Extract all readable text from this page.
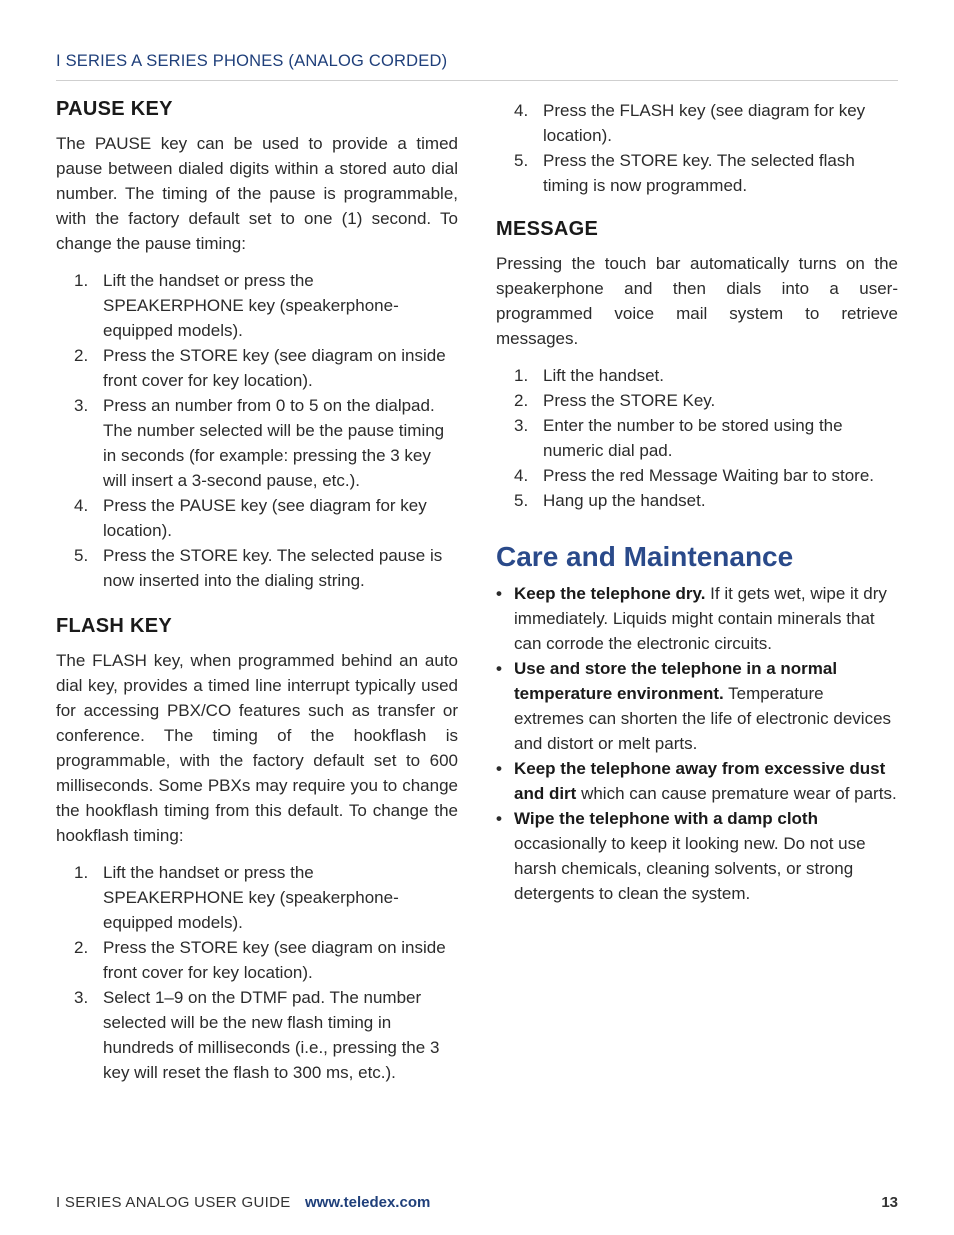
I SERIES A SERIES PHONES (ANALOG CORDED)
PAUSE KEY

The PAUSE key can be used to provide a timed pause between dialed digits within a stored auto dial number. The timing of the pause is programmable, with the factory default set to one (1) second. To change the pause timing:

1. Lift the handset or press the SPEAKERPHONE key (speakerphone-equipped models).
2. Press the STORE key (see diagram on inside front cover for key location).
3. Press an number from 0 to 5 on the dialpad. The number selected will be the pause timing in seconds (for example: pressing the 3 key will insert a 3-second pause, etc.).
4. Press the PAUSE key (see diagram for key location).
5. Press the STORE key. The selected pause is now inserted into the dialing string.
FLASH KEY

The FLASH key, when programmed behind an auto dial key, provides a timed line interrupt typically used for accessing PBX/CO features such as transfer or conference. The timing of the hookflash is programmable, with the factory default set to 600 milliseconds. Some PBXs may require you to change the hookflash timing from this default. To change the hookflash timing:

1. Lift the handset or press the SPEAKERPHONE key (speakerphone-equipped models).
2. Press the STORE key (see diagram on inside front cover for key location).
3. Select 1–9 on the DTMF pad. The number selected will be the new flash timing in hundreds of milliseconds (i.e., pressing the 3 key will reset the flash to 300 ms, etc.).
4. Press the FLASH key (see diagram for key location).
5. Press the STORE key. The selected flash timing is now programmed.
MESSAGE

Pressing the touch bar automatically turns on the speakerphone and then dials into a user-programmed voice mail system to retrieve messages.

1. Lift the handset.
2. Press the STORE Key.
3. Enter the number to be stored using the numeric dial pad.
4. Press the red Message Waiting bar to store.
5. Hang up the handset.
Care and Maintenance
• Keep the telephone dry. If it gets wet, wipe it dry immediately. Liquids might contain minerals that can corrode the electronic circuits.
• Use and store the telephone in a normal temperature environment. Temperature extremes can shorten the life of electronic devices and distort or melt parts.
• Keep the telephone away from excessive dust and dirt which can cause premature wear of parts.
• Wipe the telephone with a damp cloth occasionally to keep it looking new. Do not use harsh chemicals, cleaning solvents, or strong detergents to clean the system.
I SERIES ANALOG USER GUIDE www.teledex.com	13
